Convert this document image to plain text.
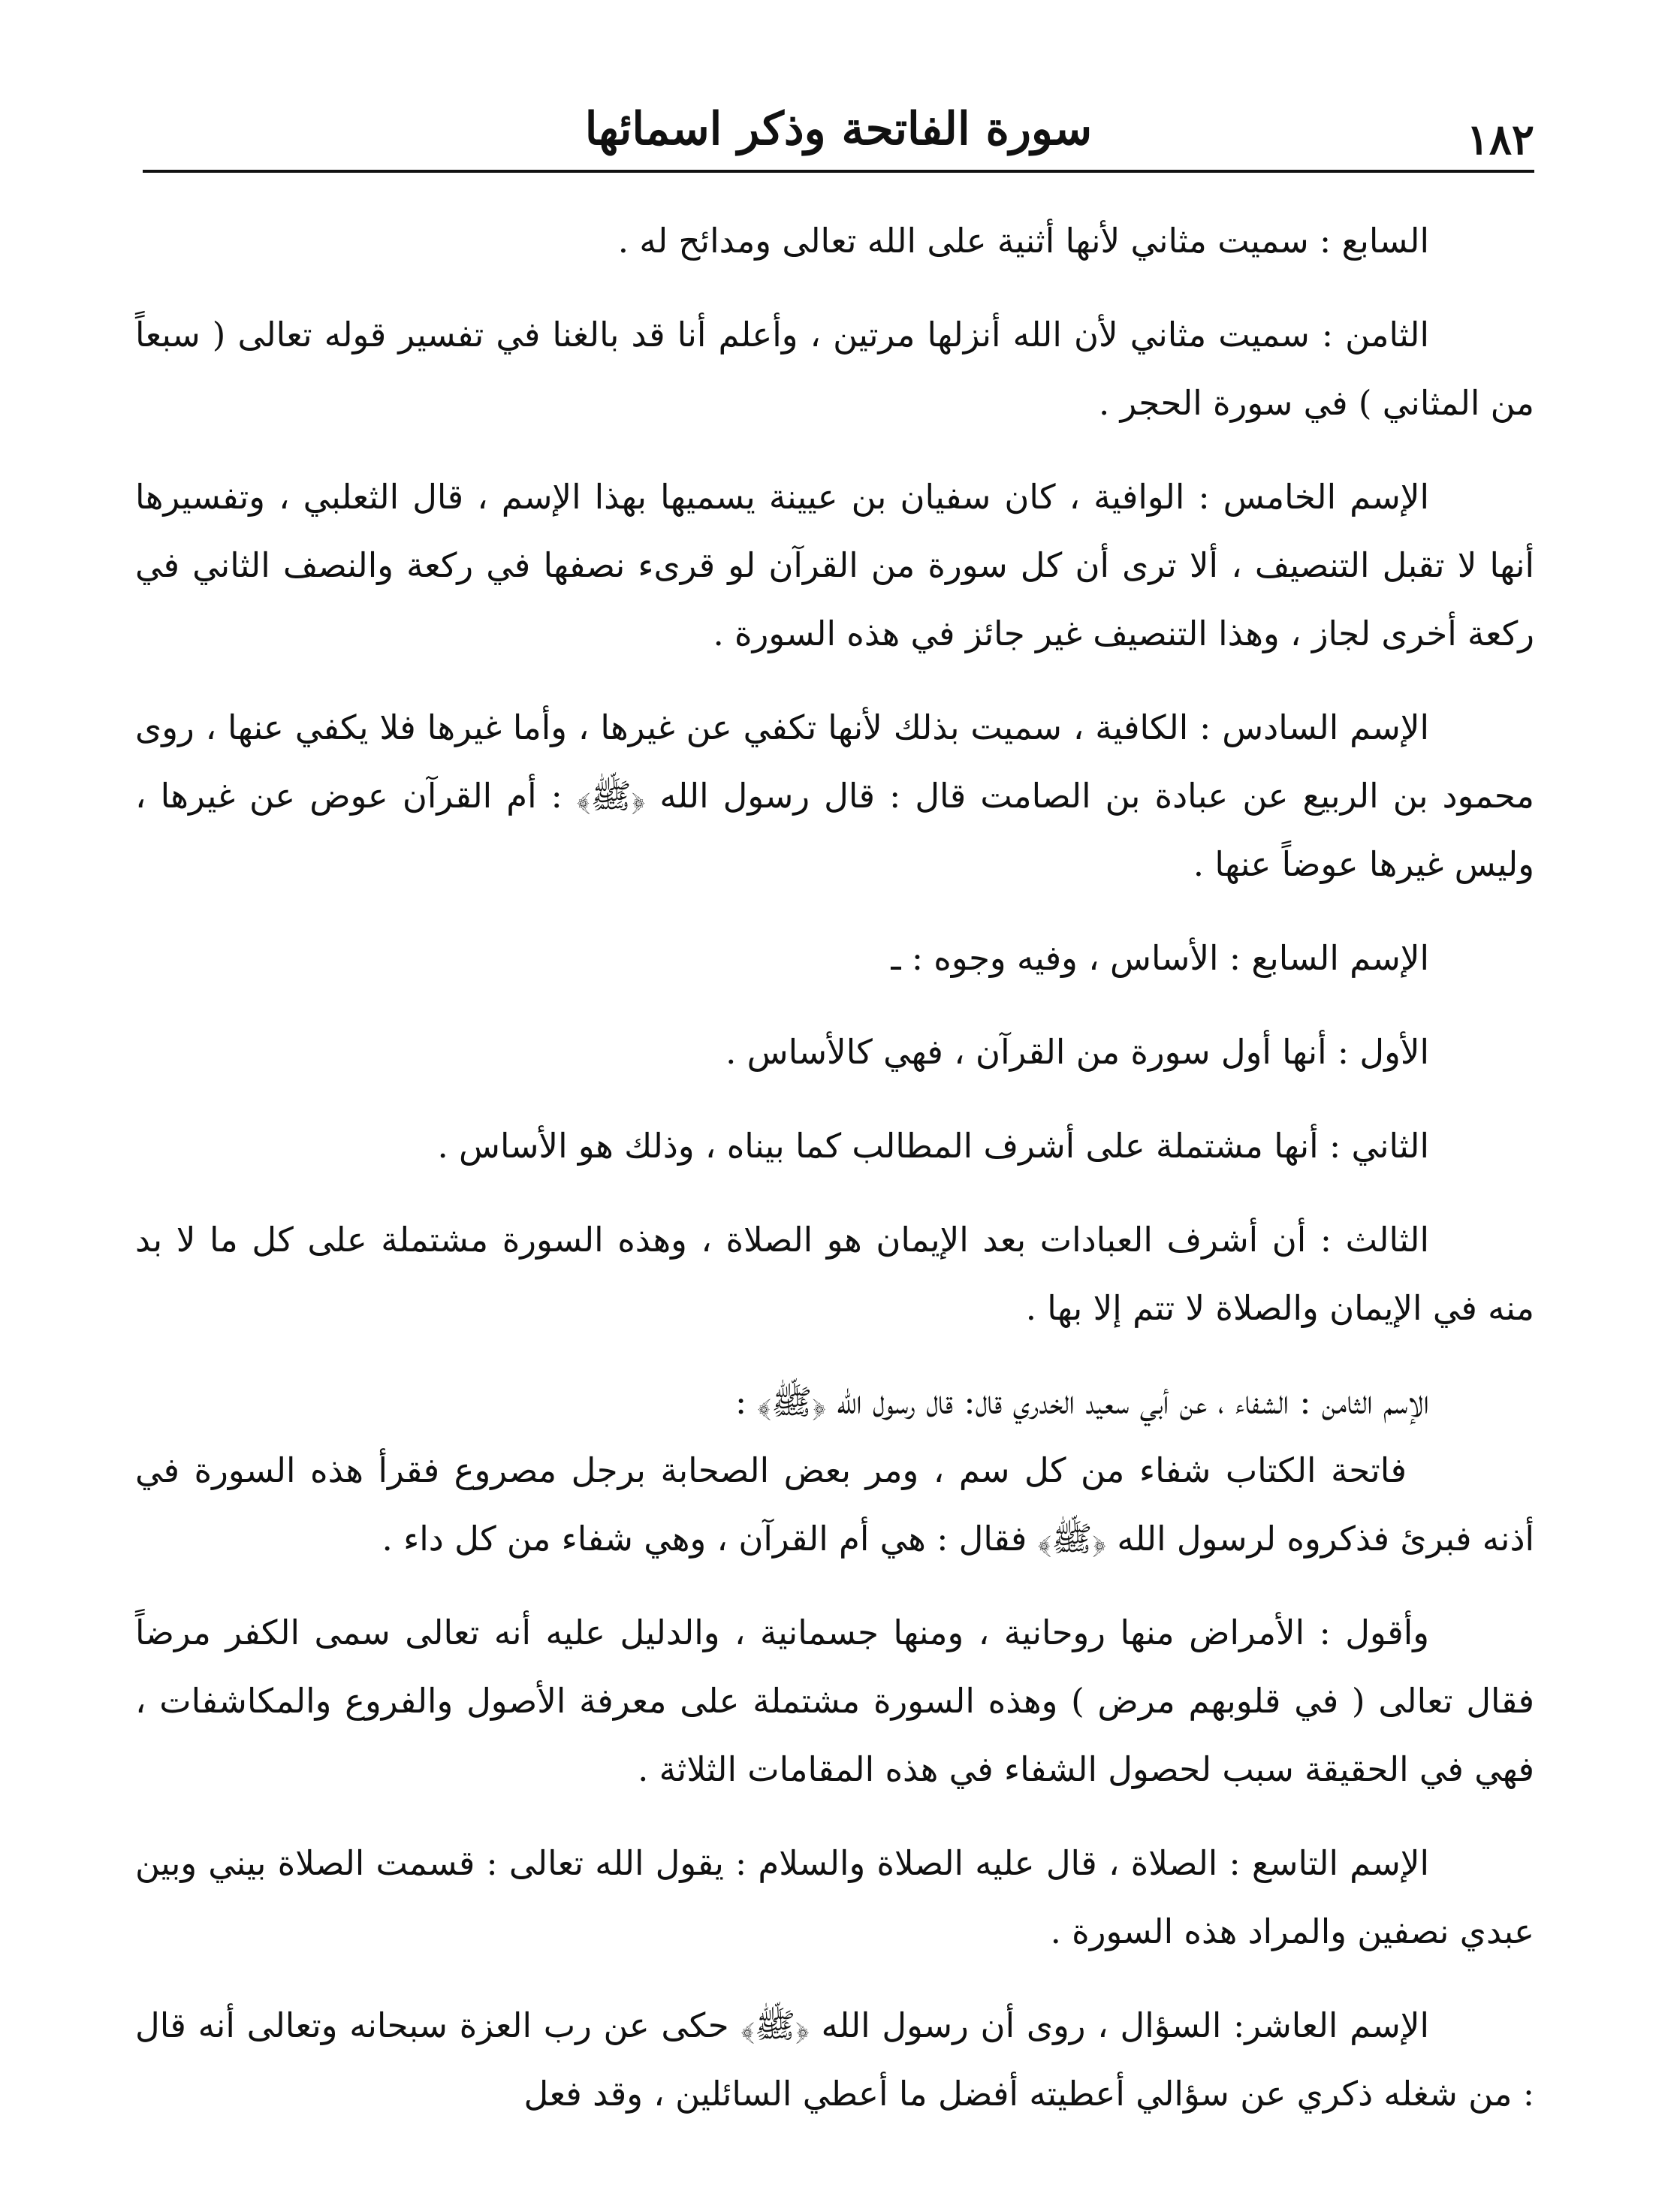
١٨٢
سورة الفاتحة وذكر اسمائها

السابع : سميت مثاني لأنها أثنية على الله تعالى ومدائح له .

الثامن : سميت مثاني لأن الله أنزلها مرتين ، وأعلم أنا قد بالغنا في تفسير قوله تعالى ( سبعاً من المثاني ) في سورة الحجر .

الإسم الخامس : الوافية ، كان سفيان بن عيينة يسميها بهذا الإسم ، قال الثعلبي ، وتفسيرها أنها لا تقبل التنصيف ، ألا ترى أن كل سورة من القرآن لو قرىء نصفها في ركعة والنصف الثاني في ركعة أخرى لجاز ، وهذا التنصيف غير جائز في هذه السورة .

الإسم السادس : الكافية ، سميت بذلك لأنها تكفي عن غيرها ، وأما غيرها فلا يكفي عنها ، روى محمود بن الربيع عن عبادة بن الصامت قال : قال رسول الله ﴿ﷺ﴾ : أم القرآن عوض عن غيرها ، وليس غيرها عوضاً عنها .

الإسم السابع : الأساس ، وفيه وجوه : ـ

الأول : أنها أول سورة من القرآن ، فهي كالأساس .

الثاني : أنها مشتملة على أشرف المطالب كما بيناه ، وذلك هو الأساس .

الثالث : أن أشرف العبادات بعد الإيمان هو الصلاة ، وهذه السورة مشتملة على كل ما لا بد منه في الإيمان والصلاة لا تتم إلا بها .

الإسم الثامن : الشفاء ، عن أبي سعيد الخدري قال: قال رسول الله ﴿ﷺ﴾ :

فاتحة الكتاب شفاء من كل سم ، ومر بعض الصحابة برجل مصروع فقرأ هذه السورة في أذنه فبرئ فذكروه لرسول الله ﴿ﷺ﴾ فقال : هي أم القرآن ، وهي شفاء من كل داء .

وأقول : الأمراض منها روحانية ، ومنها جسمانية ، والدليل عليه أنه تعالى سمى الكفر مرضاً فقال تعالى ( في قلوبهم مرض ) وهذه السورة مشتملة على معرفة الأصول والفروع والمكاشفات ، فهي في الحقيقة سبب لحصول الشفاء في هذه المقامات الثلاثة .

الإسم التاسع : الصلاة ، قال عليه الصلاة والسلام : يقول الله تعالى : قسمت الصلاة بيني وبين عبدي نصفين والمراد هذه السورة .

الإسم العاشر: السؤال ، روى أن رسول الله ﴿ﷺ﴾ حكى عن رب العزة سبحانه وتعالى أنه قال : من شغله ذكري عن سؤالي أعطيته أفضل ما أعطي السائلين ، وقد فعل
